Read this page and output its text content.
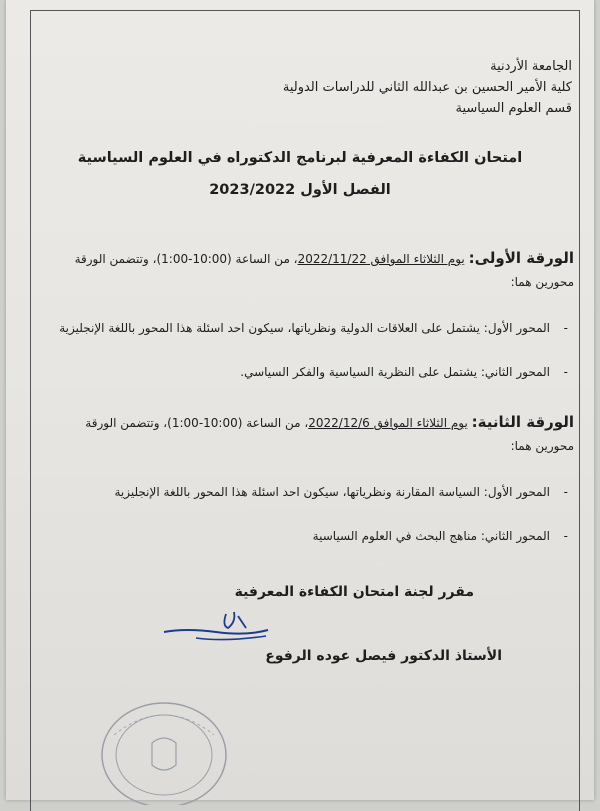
الجامعة الأردنية
كلية الأمير الحسين بن عبدالله الثاني للدراسات الدولية
قسم العلوم السياسية
امتحان الكفاءة المعرفية لبرنامج الدكتوراه في العلوم السياسية
الفصل الأول 2023/2022
الورقة الأولى: يوم الثلاثاء الموافق 2022/11/22، من الساعة (10:00-1:00)، وتتضمن الورقة
محورين هما:
-
المحور الأول: يشتمل على العلاقات الدولية ونظرياتها، سيكون احد اسئلة هذا المحور باللغة الإنجليزية
-
المحور الثاني: يشتمل على النظرية السياسية والفكر السياسي.
الورقة الثانية: يوم الثلاثاء الموافق 2022/12/6، من الساعة (10:00-1:00)، وتتضمن الورقة
محورين هما:
-
المحور الأول: السياسة المقارنة ونظرياتها، سيكون احد اسئلة هذا المحور باللغة الإنجليزية
-
المحور الثاني: مناهج البحث في العلوم السياسية
مقرر لجنة امتحان الكفاءة المعرفية
الأستاذ الدكتور فيصل عوده الرفوع
